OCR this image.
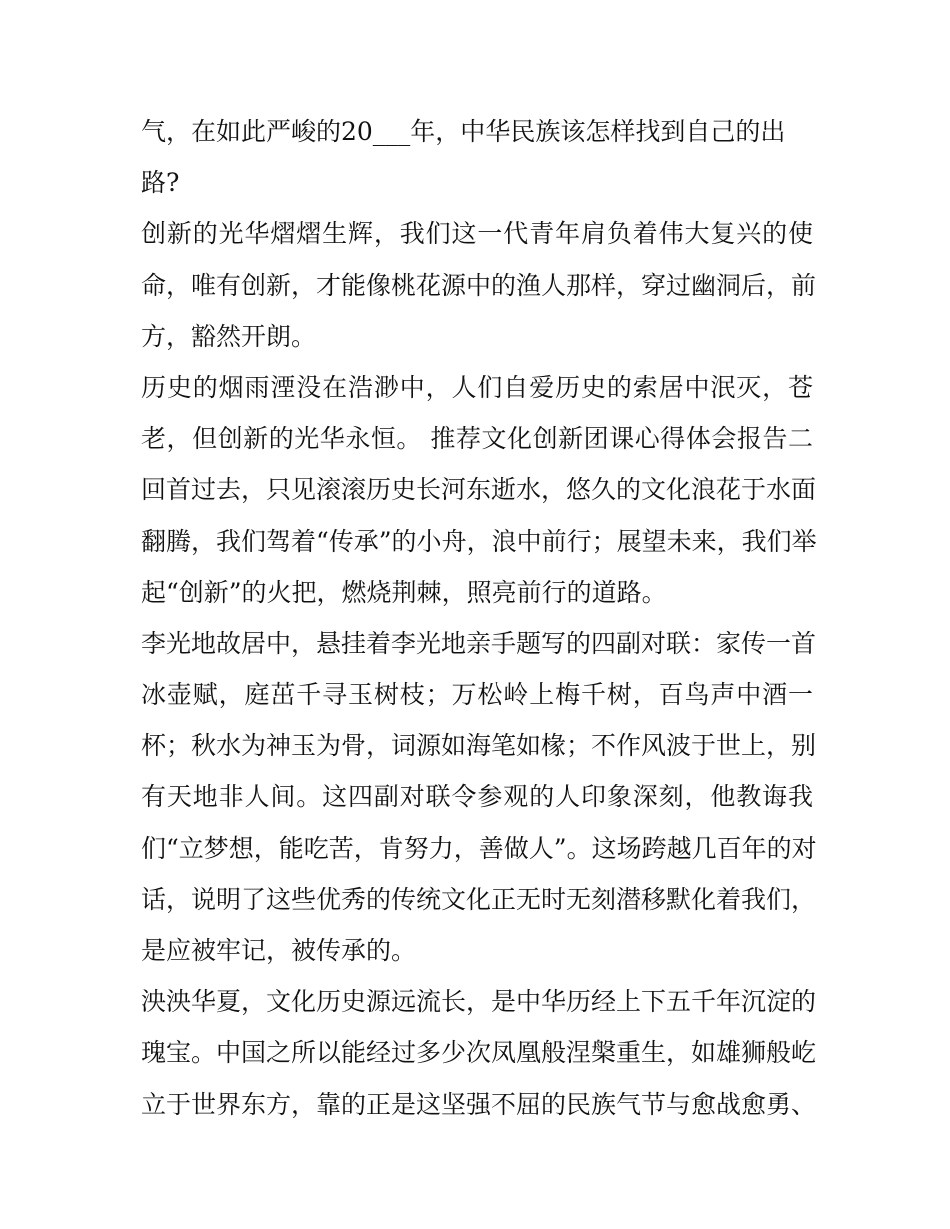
气，在如此严峻的20___年，中华民族该怎样找到自己的出
路?
创新的光华熠熠生辉，我们这一代青年肩负着伟大复兴的使
命，唯有创新，才能像桃花源中的渔人那样，穿过幽洞后，前
方，豁然开朗。
历史的烟雨湮没在浩渺中，人们自爱历史的索居中泯灭，苍
老，但创新的光华永恒。 推荐文化创新团课心得体会报告二
回首过去，只见滚滚历史长河东逝水，悠久的文化浪花于水面
翻腾，我们驾着“传承”的小舟，浪中前行；展望未来，我们举
起“创新”的火把，燃烧荆棘，照亮前行的道路。
李光地故居中，悬挂着李光地亲手题写的四副对联：家传一首
冰壶赋，庭茁千寻玉树枝；万松岭上梅千树，百鸟声中酒一
杯；秋水为神玉为骨，词源如海笔如椽；不作风波于世上，别
有天地非人间。这四副对联令参观的人印象深刻，他教诲我
们“立梦想，能吃苦，肯努力，善做人”。这场跨越几百年的对
话，说明了这些优秀的传统文化正无时无刻潜移默化着我们，
是应被牢记，被传承的。
泱泱华夏，文化历史源远流长，是中华历经上下五千年沉淀的
瑰宝。中国之所以能经过多少次凤凰般涅槃重生，如雄狮般屹
立于世界东方，靠的正是这坚强不屈的民族气节与愈战愈勇、
